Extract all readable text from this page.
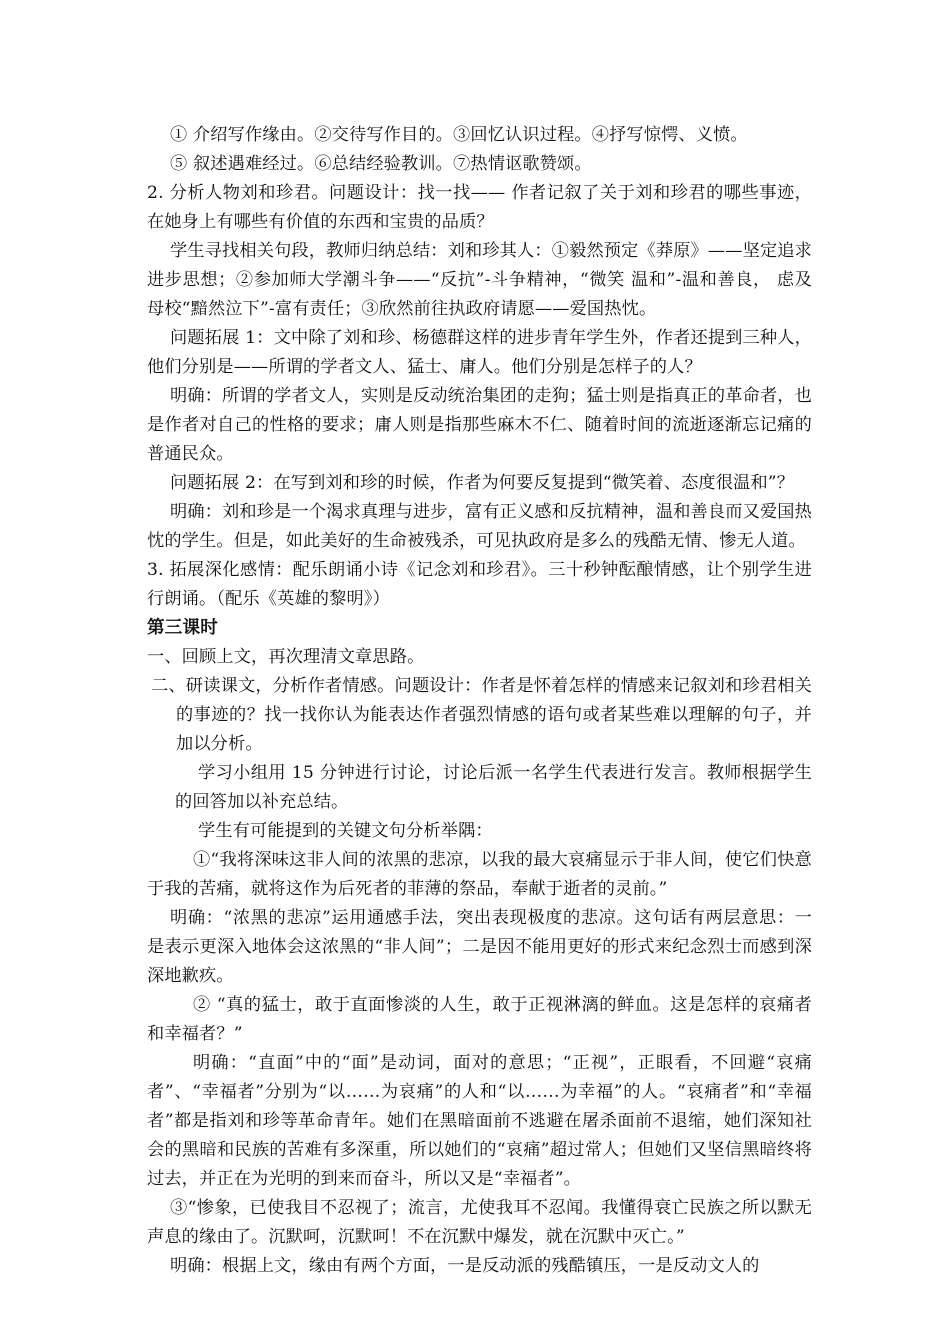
① 介绍写作缘由。②交待写作目的。③回忆认识过程。④抒写惊愕、义愤。

⑤ 叙述遇难经过。⑥总结经验教训。⑦热情讴歌赞颂。

2. 分析人物刘和珍君。问题设计：找一找—— 作者记叙了关于刘和珍君的哪些事迹，在她身上有哪些有价值的东西和宝贵的品质？

学生寻找相关句段，教师归纳总结：刘和珍其人：①毅然预定《莽原》——坚定追求进步思想；②参加师大学潮斗争——“反抗”-斗争精神，“微笑 温和”-温和善良， 虑及母校“黯然泣下”-富有责任；③欣然前往执政府请愿——爱国热忱。

问题拓展 1：文中除了刘和珍、杨德群这样的进步青年学生外，作者还提到三种人，他们分别是——所谓的学者文人、猛士、庸人。他们分别是怎样子的人？

明确：所谓的学者文人，实则是反动统治集团的走狗；猛士则是指真正的革命者，也是作者对自己的性格的要求；庸人则是指那些麻木不仁、随着时间的流逝逐渐忘记痛的普通民众。

问题拓展 2：在写到刘和珍的时候，作者为何要反复提到“微笑着、态度很温和”？

明确：刘和珍是一个渴求真理与进步，富有正义感和反抗精神，温和善良而又爱国热忱的学生。但是，如此美好的生命被残杀，可见执政府是多么的残酷无情、惨无人道。

3. 拓展深化感情：配乐朗诵小诗《记念刘和珍君》。三十秒钟酝酿情感，让个别学生进行朗诵。（配乐《英雄的黎明》）

第三课时

一、回顾上文，再次理清文章思路。

二、研读课文，分析作者情感。问题设计：作者是怀着怎样的情感来记叙刘和珍君相关的事迹的？找一找你认为能表达作者强烈情感的语句或者某些难以理解的句子，并加以分析。

学习小组用 15 分钟进行讨论，讨论后派一名学生代表进行发言。教师根据学生的回答加以补充总结。

学生有可能提到的关键文句分析举隅：

①“我将深味这非人间的浓黑的悲凉，以我的最大哀痛显示于非人间，使它们快意于我的苦痛，就将这作为后死者的菲薄的祭品，奉献于逝者的灵前。”

明确：“浓黑的悲凉”运用通感手法，突出表现极度的悲凉。这句话有两层意思：一是表示更深入地体会这浓黑的“非人间”；二是因不能用更好的形式来纪念烈士而感到深深地歉疚。

② “真的猛士，敢于直面惨淡的人生，敢于正视淋漓的鲜血。这是怎样的哀痛者和幸福者？”

明确：“直面”中的“面”是动词，面对的意思；“正视”，正眼看，不回避“哀痛者”、“幸福者”分别为“以……为哀痛”的人和“以……为幸福”的人。“哀痛者”和“幸福者”都是指刘和珍等革命青年。她们在黑暗面前不逃避在屠杀面前不退缩，她们深知社会的黑暗和民族的苦难有多深重，所以她们的“哀痛”超过常人；但她们又坚信黑暗终将过去，并正在为光明的到来而奋斗，所以又是“幸福者”。

③“惨象，已使我目不忍视了；流言，尤使我耳不忍闻。我懂得衰亡民族之所以默无声息的缘由了。沉默呵，沉默呵！不在沉默中爆发，就在沉默中灭亡。”

明确：根据上文，缘由有两个方面，一是反动派的残酷镇压，一是反动文人的
